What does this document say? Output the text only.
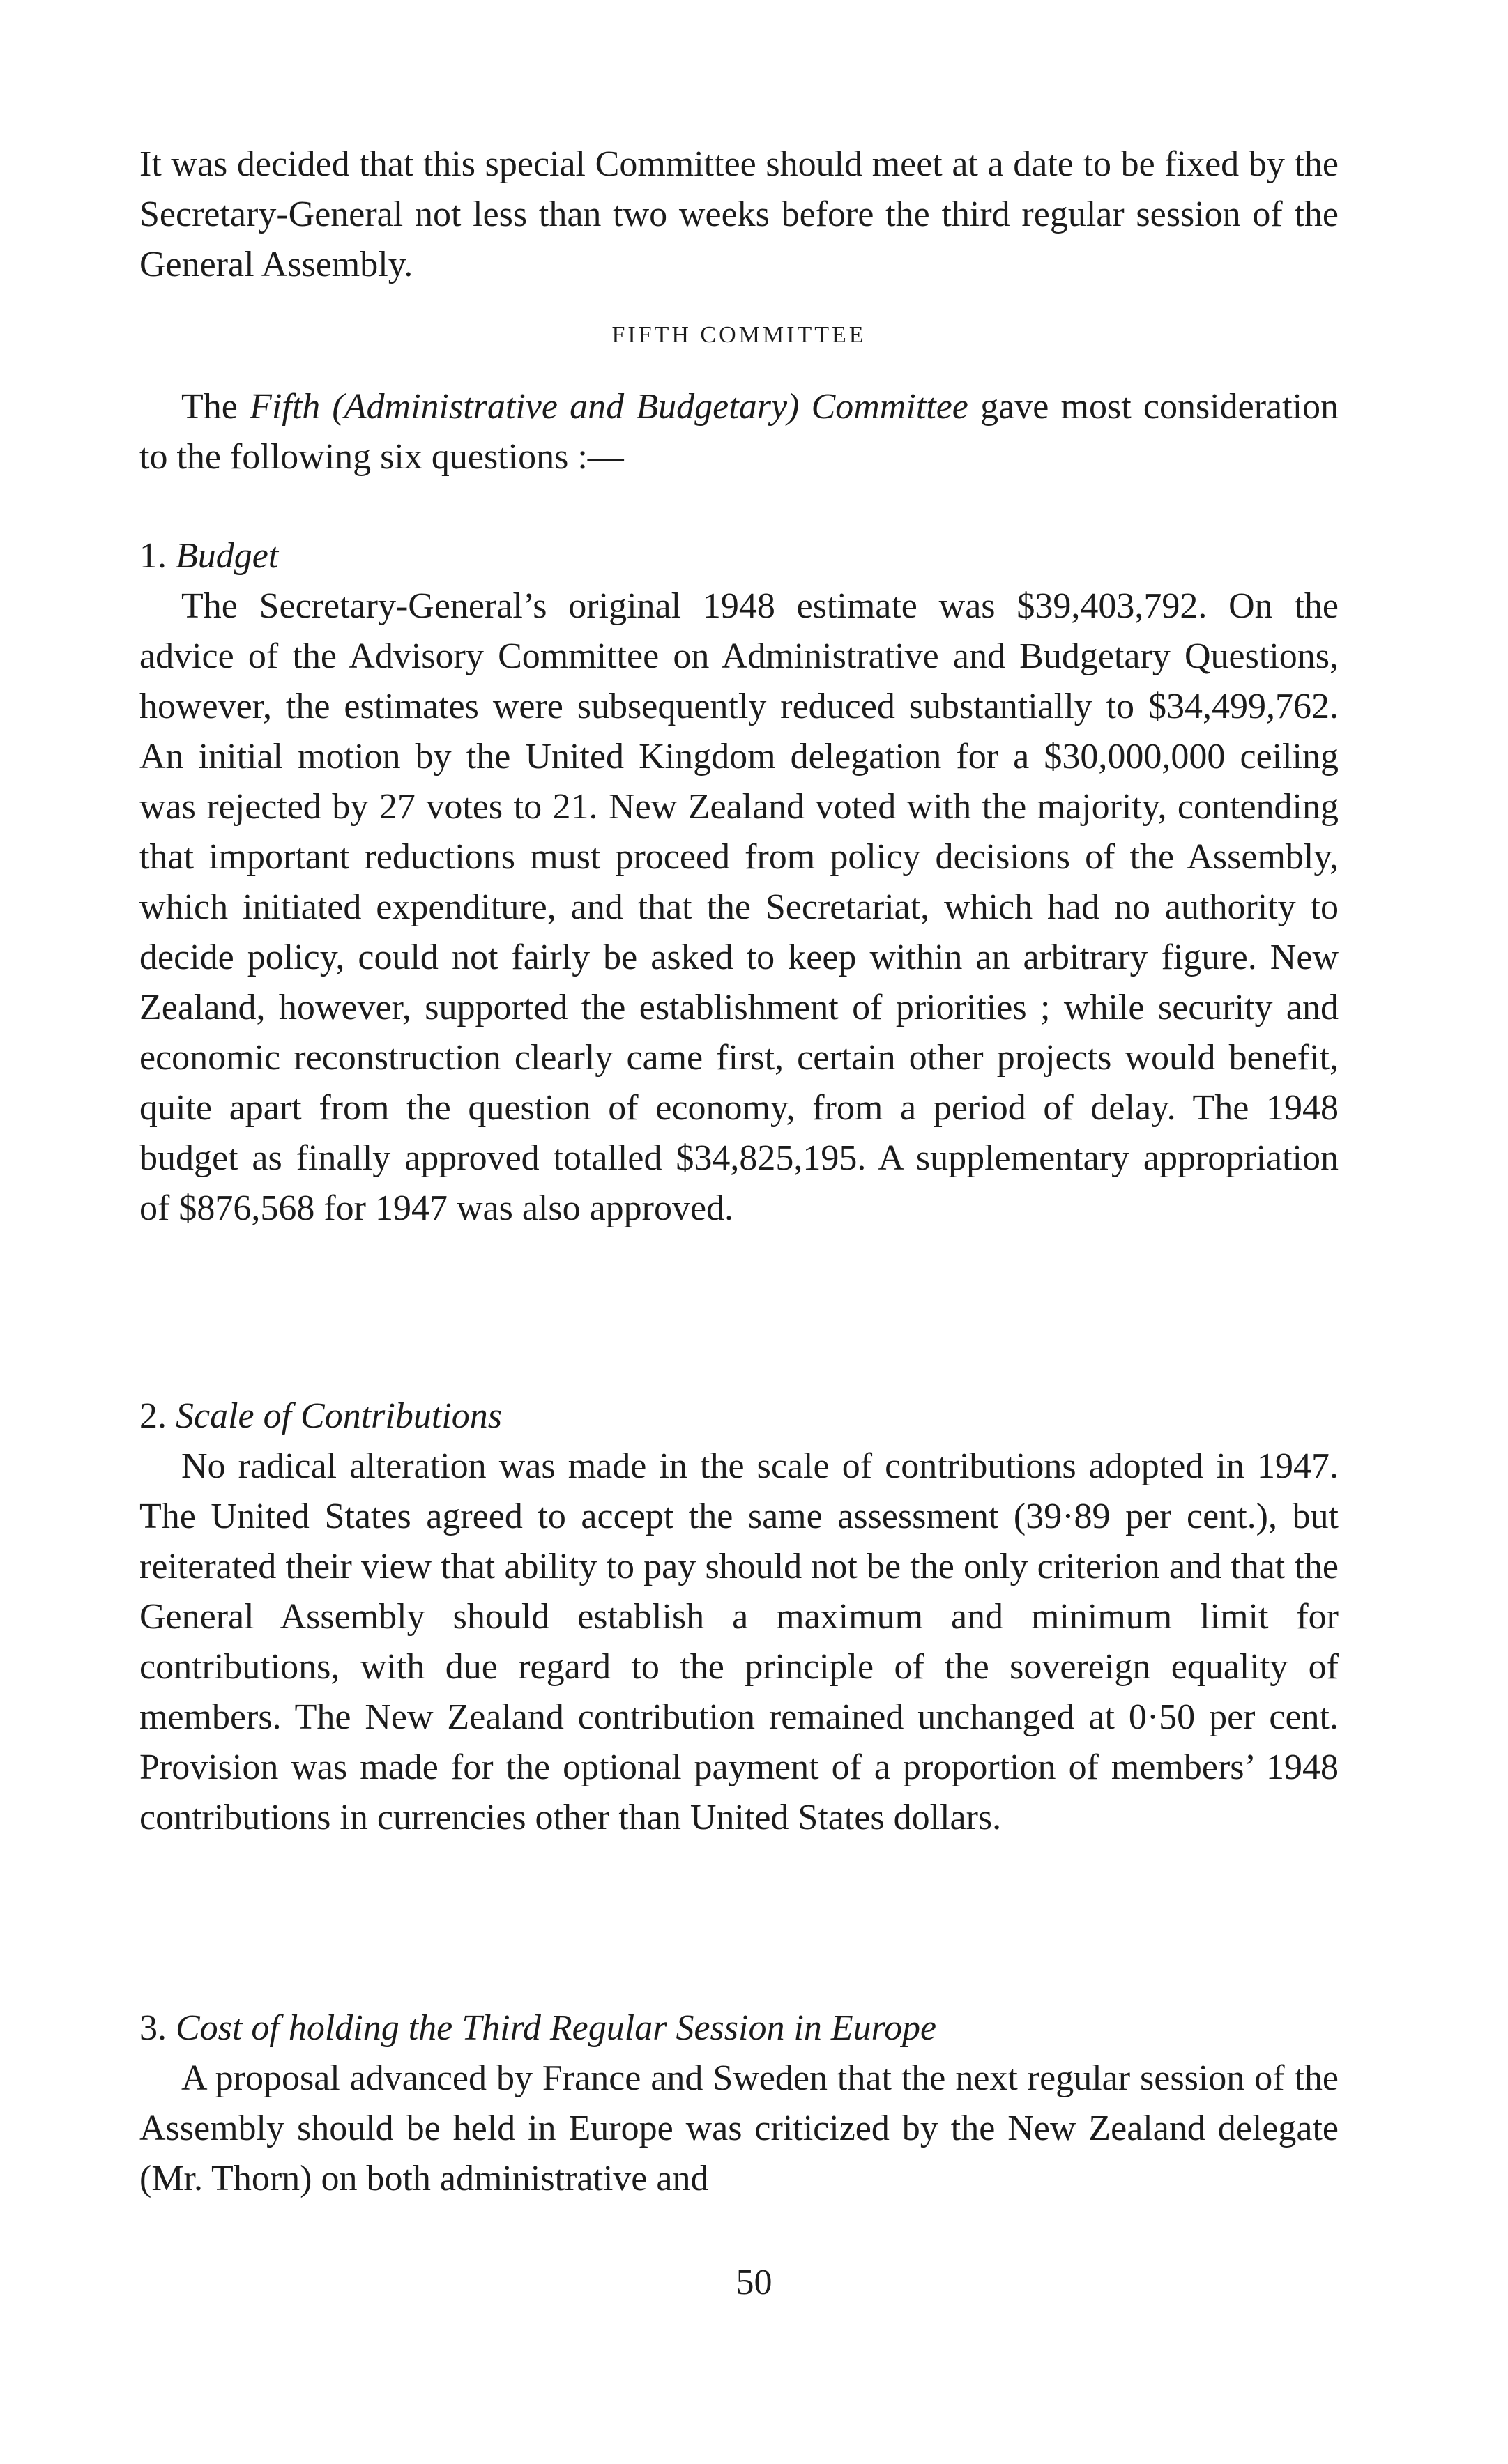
It was decided that this special Committee should meet at a date to be fixed by the Secretary-General not less than two weeks before the third regular session of the General Assembly.

FIFTH COMMITTEE

The Fifth (Administrative and Budgetary) Committee gave most consideration to the following six questions :—

1. Budget

The Secretary-General’s original 1948 estimate was $39,403,792. On the advice of the Advisory Committee on Administrative and Budgetary Questions, however, the estimates were subsequently reduced substantially to $34,499,762. An initial motion by the United Kingdom delegation for a $30,000,000 ceiling was rejected by 27 votes to 21. New Zealand voted with the majority, contending that important reductions must proceed from policy decisions of the Assembly, which initiated expenditure, and that the Secretariat, which had no authority to decide policy, could not fairly be asked to keep within an arbitrary figure. New Zealand, however, supported the establishment of priorities ; while security and economic reconstruction clearly came first, certain other projects would benefit, quite apart from the question of economy, from a period of delay. The 1948 budget as finally approved totalled $34,825,195. A supplementary appropriation of $876,568 for 1947 was also approved.

2. Scale of Contributions

No radical alteration was made in the scale of contributions adopted in 1947. The United States agreed to accept the same assessment (39·89 per cent.), but reiterated their view that ability to pay should not be the only criterion and that the General Assembly should establish a maximum and minimum limit for contributions, with due regard to the principle of the sovereign equality of members. The New Zealand contribution remained unchanged at 0·50 per cent. Provision was made for the optional payment of a proportion of members’ 1948 contributions in currencies other than United States dollars.

3. Cost of holding the Third Regular Session in Europe

A proposal advanced by France and Sweden that the next regular session of the Assembly should be held in Europe was criticized by the New Zealand delegate (Mr. Thorn) on both administrative and

50
